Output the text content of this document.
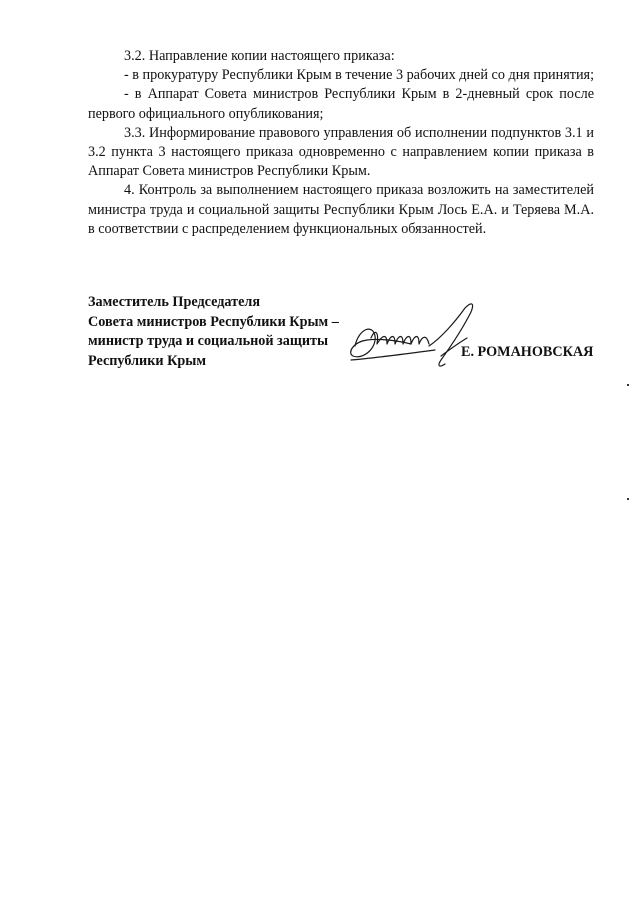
3.2. Направление копии настоящего приказа:

- в прокуратуру Республики Крым в течение 3 рабочих дней со дня принятия;

- в Аппарат Совета министров Республики Крым в 2-дневный срок после первого официального опубликования;

3.3. Информирование правового управления об исполнении подпунктов 3.1 и 3.2 пункта 3 настоящего приказа одновременно с направлением копии приказа в Аппарат Совета министров Республики Крым.

4. Контроль за выполнением настоящего приказа возложить на заместителей министра труда и социальной защиты Республики Крым Лось Е.А. и Теряева М.А. в соответствии с распределением функциональных обязанностей.

Заместитель Председателя
Совета министров Республики Крым –
министр труда и социальной защиты
Республики Крым
Е. РОМАНОВСКАЯ
